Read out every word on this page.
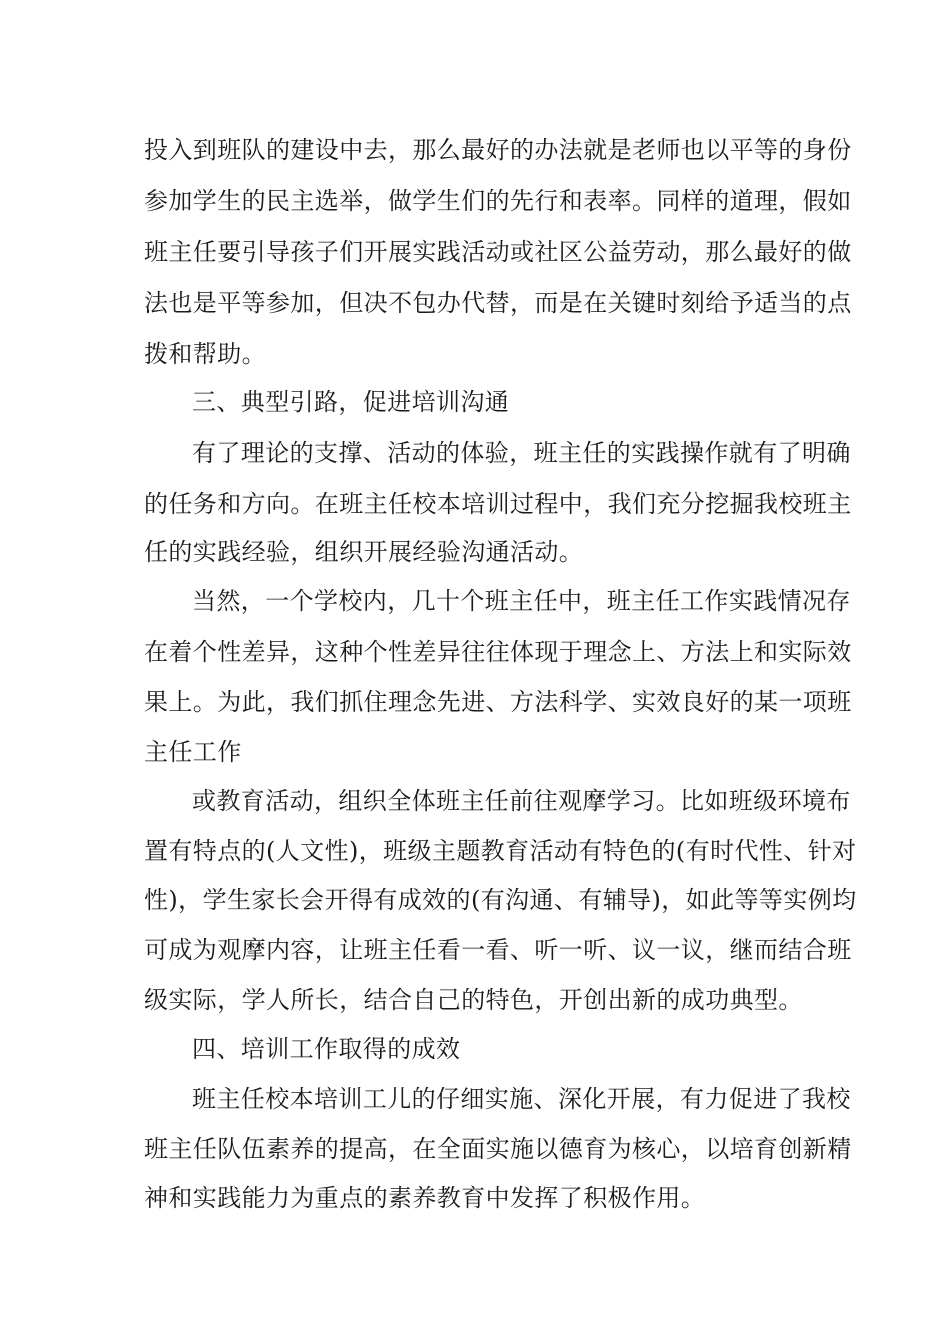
投入到班队的建设中去，那么最好的办法就是老师也以平等的身份

参加学生的民主选举，做学生们的先行和表率。同样的道理，假如

班主任要引导孩子们开展实践活动或社区公益劳动，那么最好的做

法也是平等参加，但决不包办代替，而是在关键时刻给予适当的点

拨和帮助。

三、典型引路，促进培训沟通

有了理论的支撑、活动的体验，班主任的实践操作就有了明确

的任务和方向。在班主任校本培训过程中，我们充分挖掘我校班主

任的实践经验，组织开展经验沟通活动。

当然，一个学校内，几十个班主任中，班主任工作实践情况存

在着个性差异，这种个性差异往往体现于理念上、方法上和实际效

果上。为此，我们抓住理念先进、方法科学、实效良好的某一项班

主任工作

或教育活动，组织全体班主任前往观摩学习。比如班级环境布

置有特点的(人文性)，班级主题教育活动有特色的(有时代性、针对

性)，学生家长会开得有成效的(有沟通、有辅导)，如此等等实例均

可成为观摩内容，让班主任看一看、听一听、议一议，继而结合班

级实际，学人所长，结合自己的特色，开创出新的成功典型。

四、培训工作取得的成效

班主任校本培训工儿的仔细实施、深化开展，有力促进了我校

班主任队伍素养的提高，在全面实施以德育为核心，以培育创新精

神和实践能力为重点的素养教育中发挥了积极作用。
